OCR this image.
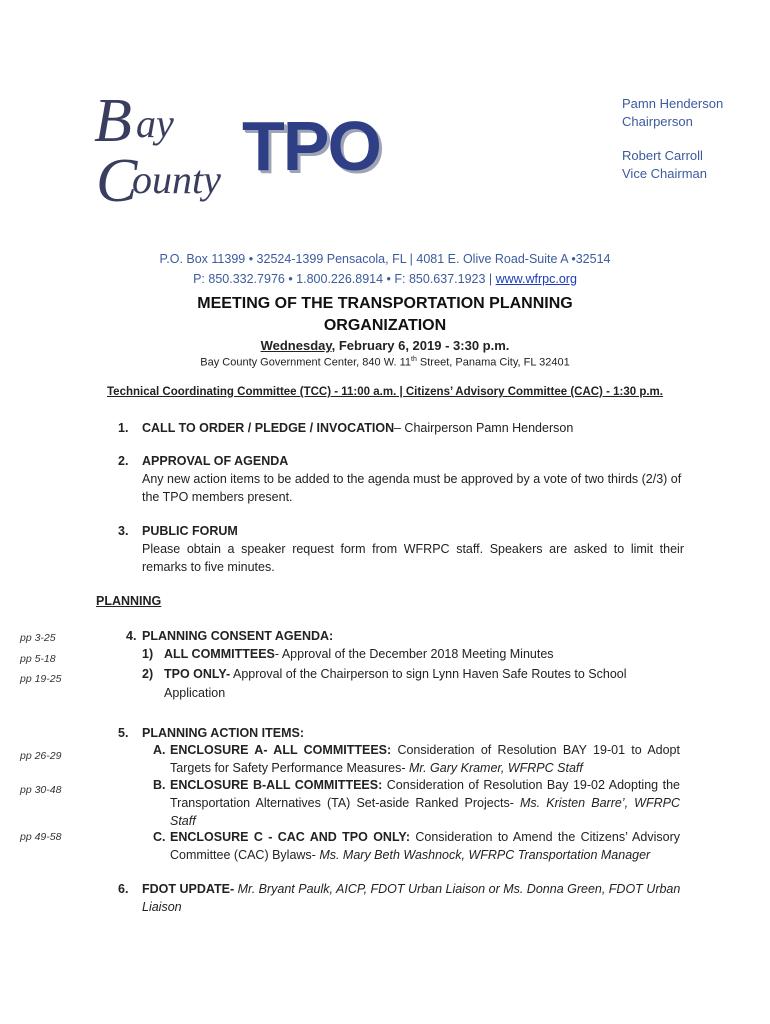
B ay
C
ounty TPO
Pamn Henderson
Chairperson
Robert Carroll
Vice Chairman
P.O. Box 11399 • 32524-1399 Pensacola, FL | 4081 E. Olive Road-Suite A •32514
P: 850.332.7976 • 1.800.226.8914 • F: 850.637.1923 | www.wfrpc.org
MEETING OF THE TRANSPORTATION PLANNING
ORGANIZATION
Wednesday, February 6, 2019 - 3:30 p.m.
Bay County Government Center, 840 W. 11th Street, Panama City, FL 32401
Technical Coordinating Committee (TCC) - 11:00 a.m. | Citizens’ Advisory Committee (CAC) - 1:30 p.m.
1. CALL TO ORDER / PLEDGE / INVOCATION – Chairperson Pamn Henderson
2. APPROVAL OF AGENDA
Any new action items to be added to the agenda must be approved by a vote of two thirds (2/3) of the TPO members present.
3. PUBLIC FORUM
Please obtain a speaker request form from WFRPC staff. Speakers are asked to limit their remarks to five minutes.
PLANNING
pp 3-25
pp 5-18
pp 19-25
pp 26-29
pp 30-48
pp 49-58
4. PLANNING CONSENT AGENDA:
1) ALL COMMITTEES- Approval of the December 2018 Meeting Minutes
2) TPO ONLY- Approval of the Chairperson to sign Lynn Haven Safe Routes to School Application
5. PLANNING ACTION ITEMS:
A. ENCLOSURE A- ALL COMMITTEES: Consideration of Resolution BAY 19-01 to Adopt Targets for Safety Performance Measures- Mr. Gary Kramer, WFRPC Staff
B. ENCLOSURE B-ALL COMMITTEES: Consideration of Resolution Bay 19-02 Adopting the Transportation Alternatives (TA) Set-aside Ranked Projects- Ms. Kristen Barre’, WFRPC Staff
C. ENCLOSURE C - CAC AND TPO ONLY: Consideration to Amend the Citizens’ Advisory Committee (CAC) Bylaws- Ms. Mary Beth Washnock, WFRPC Transportation Manager
6. FDOT UPDATE- Mr. Bryant Paulk, AICP, FDOT Urban Liaison or Ms. Donna Green, FDOT Urban Liaison
